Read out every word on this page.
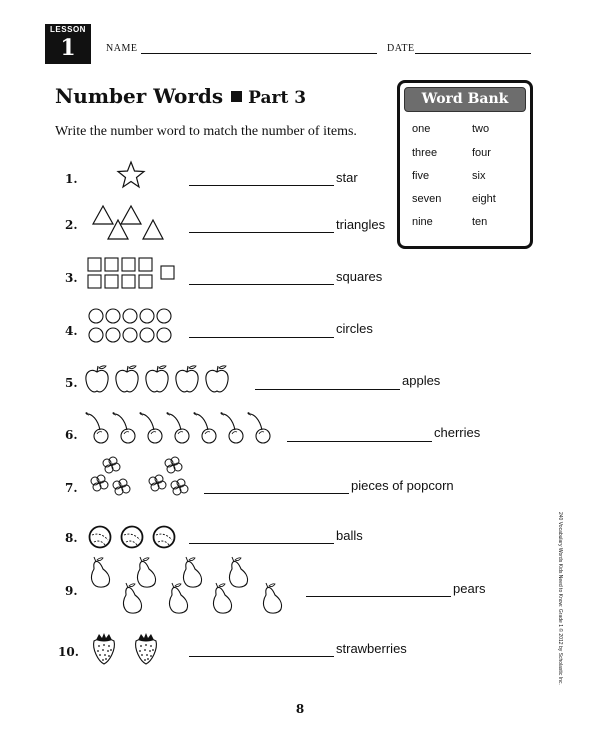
LESSON
1	NAME	DATE
Number Words Part 3
Write the number word to match the number of items.
Word Bank
one	two
three	four
five	six
seven	eight
nine	ten
1.	star
2.	triangles
3.	squares
4.	circles
5.	apples
6.	cherries
7.	pieces of popcorn
8.	balls
9.	pears
10.	strawberries
8
240 Vocabulary Words Kids Need to Know: Grade 1 © 2012 by Scholastic Inc.
